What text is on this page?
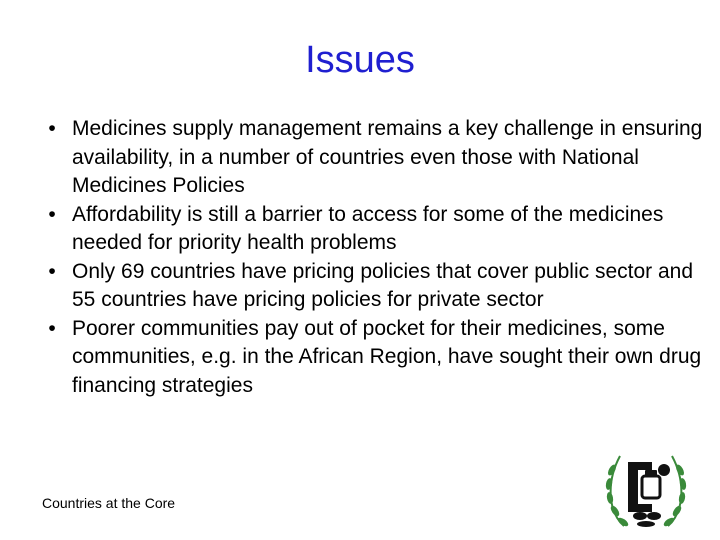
Issues
• Medicines supply management remains a key challenge in ensuring availability, in a number of countries even those with National Medicines Policies
• Affordability is still a barrier to access for some of the medicines needed for priority health problems
• Only 69 countries have pricing policies that cover public sector and 55 countries have pricing policies for private sector
• Poorer communities pay out of pocket for their medicines, some communities, e.g. in the African Region, have sought their own drug financing strategies
Countries at the Core
